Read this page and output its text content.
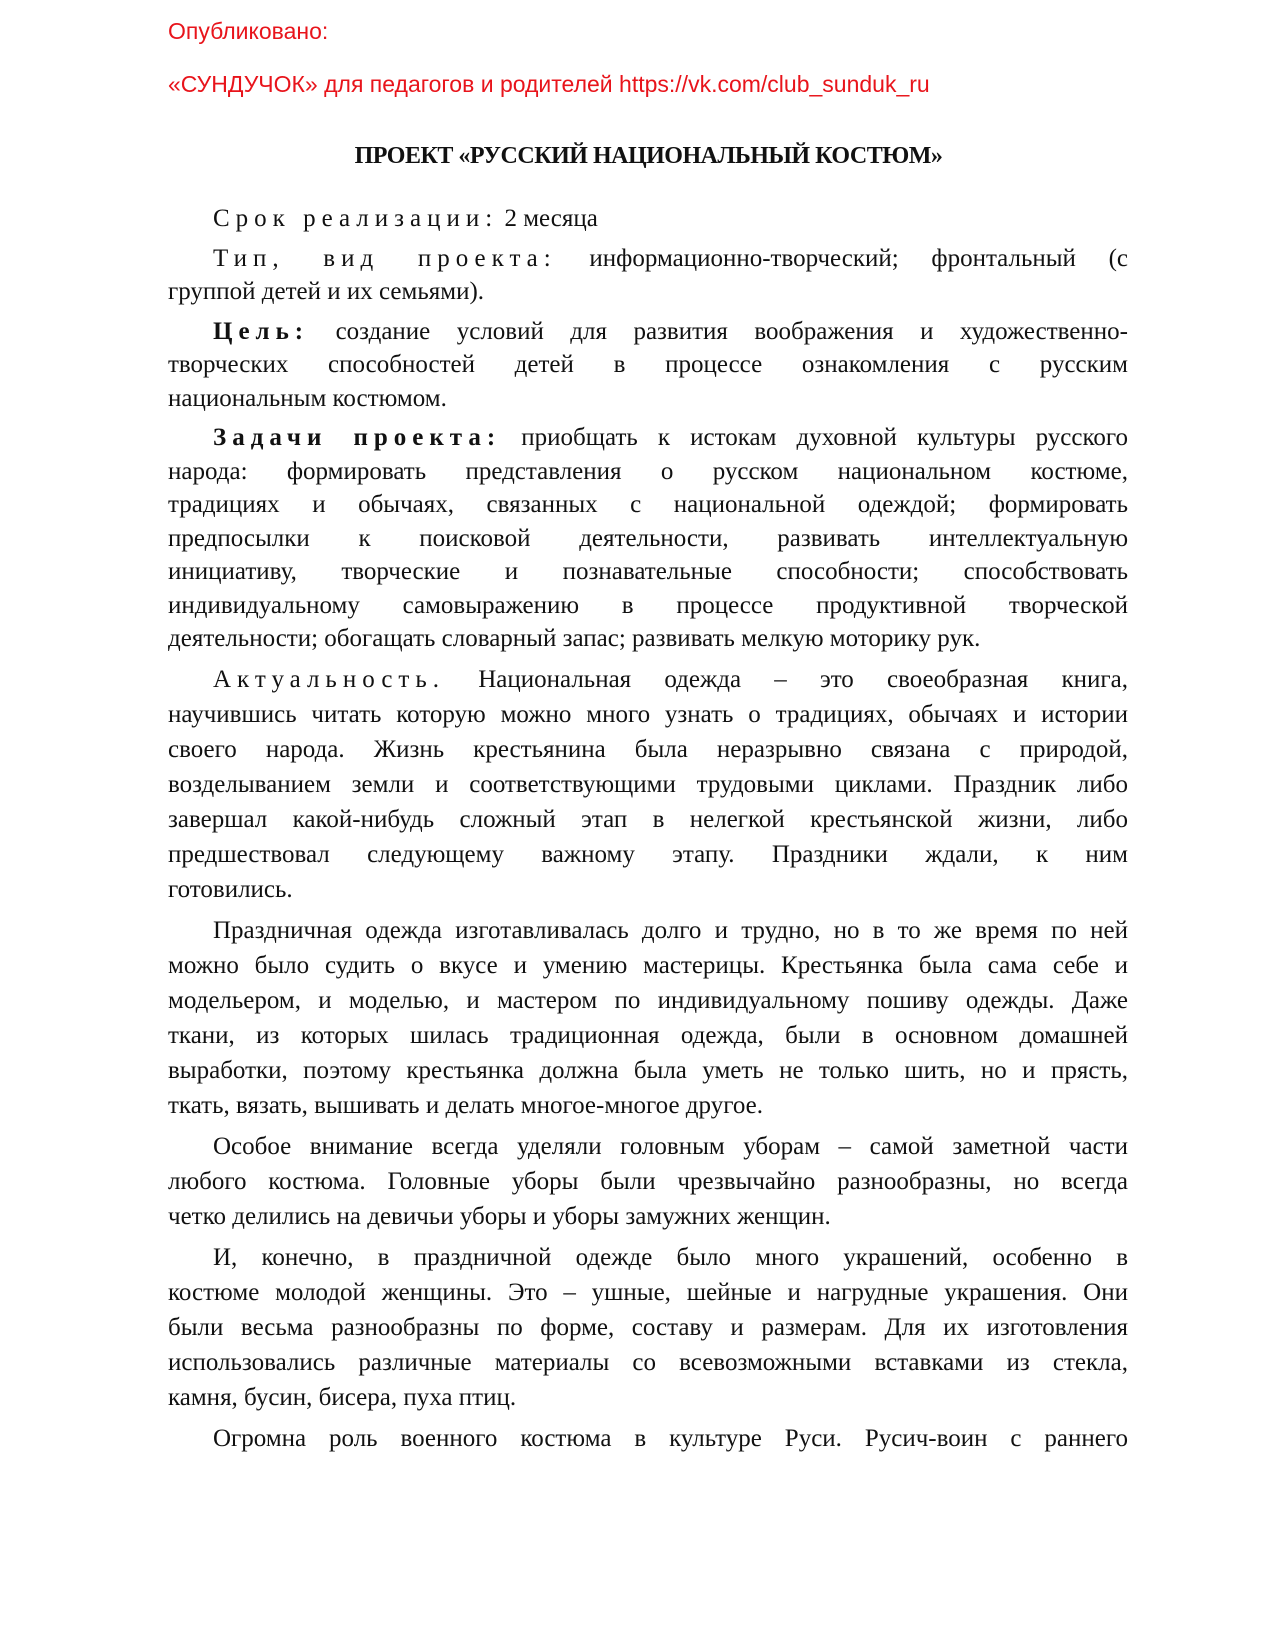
Опубликовано:
«СУНДУЧОК» для педагогов и родителей https://vk.com/club_sunduk_ru
ПРОЕКТ «РУССКИЙ НАЦИОНАЛЬНЫЙ КОСТЮМ»
Срок реализации: 2 месяца
Тип, вид проекта: информационно-творческий; фронтальный (с
группой детей и их семьями).
Цель: создание условий для развития воображения и художественно-
творческих способностей детей в процессе ознакомления с русским
национальным костюмом.
Задачи проекта: приобщать к истокам духовной культуры русского
народа: формировать представления о русском национальном костюме,
традициях и обычаях, связанных с национальной одеждой; формировать
предпосылки к поисковой деятельности, развивать интеллектуальную
инициативу, творческие и познавательные способности; способствовать
индивидуальному самовыражению в процессе продуктивной творческой
деятельности; обогащать словарный запас; развивать мелкую моторику рук.
Актуальность. Национальная одежда – это своеобразная книга,
научившись читать которую можно много узнать о традициях, обычаях и истории
своего народа. Жизнь крестьянина была неразрывно связана с природой,
возделыванием земли и соответствующими трудовыми циклами. Праздник либо
завершал какой-нибудь сложный этап в нелегкой крестьянской жизни, либо
предшествовал следующему важному этапу. Праздники ждали, к ним
готовились.
Праздничная одежда изготавливалась долго и трудно, но в то же время по ней
можно было судить о вкусе и умению мастерицы. Крестьянка была сама себе и
модельером, и моделью, и мастером по индивидуальному пошиву одежды. Даже
ткани, из которых шилась традиционная одежда, были в основном домашней
выработки, поэтому крестьянка должна была уметь не только шить, но и прясть,
ткать, вязать, вышивать и делать многое-многое другое.
Особое внимание всегда уделяли головным уборам – самой заметной части
любого костюма. Головные уборы были чрезвычайно разнообразны, но всегда
четко делились на девичьи уборы и уборы замужних женщин.
И, конечно, в праздничной одежде было много украшений, особенно в
костюме молодой женщины. Это – ушные, шейные и нагрудные украшения. Они
были весьма разнообразны по форме, составу и размерам. Для их изготовления
использовались различные материалы со всевозможными вставками из стекла,
камня, бусин, бисера, пуха птиц.
Огромна роль военного костюма в культуре Руси. Русич-воин с раннего
